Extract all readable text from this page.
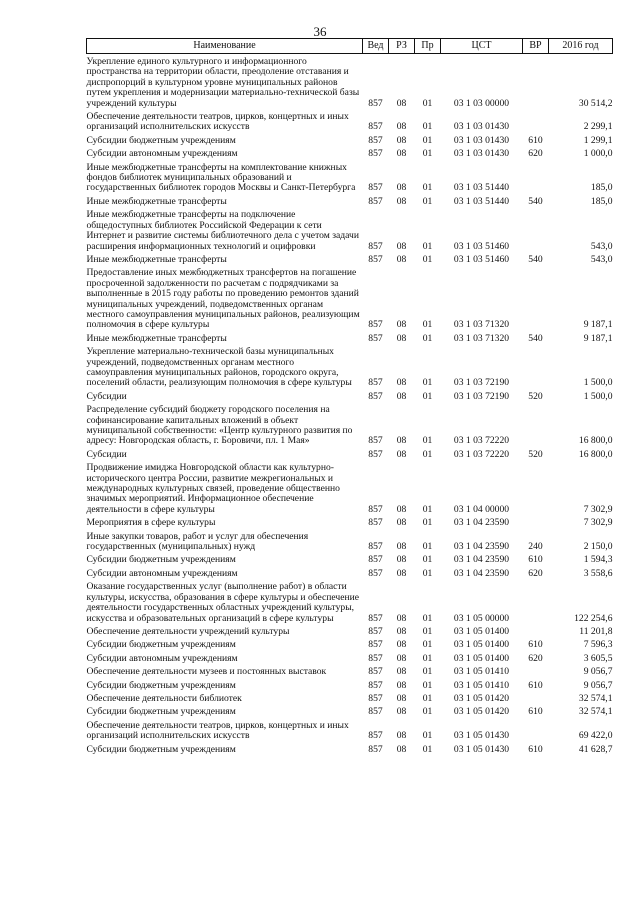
36
Наименование	Вед	РЗ	Пр	ЦСТ	ВР	2016 год
Укрепление единого культурного и информационного пространства на территории области, преодоление отставания и диспропорций в культурном уровне муниципальных районов путем укрепления и модернизации материально-технической базы учреждений культуры	857	08	01	03 1 03 00000		30 514,2
Обеспечение деятельности театров, цирков, концертных и иных организаций исполнительских искусств	857	08	01	03 1 03 01430		2 299,1
Субсидии бюджетным учреждениям	857	08	01	03 1 03 01430	610	1 299,1
Субсидии автономным учреждениям	857	08	01	03 1 03 01430	620	1 000,0
Иные межбюджетные трансферты на комплектование книжных фондов библиотек муниципальных образований и государственных библиотек городов Москвы и Санкт-Петербурга	857	08	01	03 1 03 51440		185,0
Иные межбюджетные трансферты	857	08	01	03 1 03 51440	540	185,0
Иные межбюджетные трансферты на подключение общедоступных библиотек Российской Федерации к сети Интернет и развитие системы библиотечного дела с учетом задачи расширения информационных технологий и оцифровки	857	08	01	03 1 03 51460		543,0
Иные межбюджетные трансферты	857	08	01	03 1 03 51460	540	543,0
Предоставление иных межбюджетных трансфертов на погашение просроченной задолженности по расчетам с подрядчиками за выполненные в 2015 году работы по проведению ремонтов зданий муниципальных учреждений, подведомственных органам местного самоуправления муниципальных районов, реализующим полномочия в сфере культуры	857	08	01	03 1 03 71320		9 187,1
Иные межбюджетные трансферты	857	08	01	03 1 03 71320	540	9 187,1
Укрепление материально-технической базы муниципальных учреждений, подведомственных органам местного самоуправления муниципальных районов, городского округа, поселений области, реализующим полномочия в сфере культуры	857	08	01	03 1 03 72190		1 500,0
Субсидии	857	08	01	03 1 03 72190	520	1 500,0
Распределение субсидий бюджету городского поселения на софинансирование капитальных вложений в объект муниципальной собственности: «Центр культурного развития по адресу: Новгородская область, г. Боровичи, пл. 1 Мая»	857	08	01	03 1 03 72220		16 800,0
Субсидии	857	08	01	03 1 03 72220	520	16 800,0
Продвижение имиджа Новгородской области как культурно-исторического центра России, развитие межрегиональных и международных культурных связей, проведение общественно значимых мероприятий. Информационное обеспечение деятельности в сфере культуры	857	08	01	03 1 04 00000		7 302,9
Мероприятия в сфере культуры	857	08	01	03 1 04 23590		7 302,9
Иные закупки товаров, работ и услуг для обеспечения государственных (муниципальных) нужд	857	08	01	03 1 04 23590	240	2 150,0
Субсидии бюджетным учреждениям	857	08	01	03 1 04 23590	610	1 594,3
Субсидии автономным учреждениям	857	08	01	03 1 04 23590	620	3 558,6
Оказание государственных услуг (выполнение работ) в области культуры, искусства, образования в сфере культуры и обеспечение деятельности государственных областных учреждений культуры, искусства и образовательных организаций в сфере культуры	857	08	01	03 1 05 00000		122 254,6
Обеспечение деятельности учреждений культуры	857	08	01	03 1 05 01400		11 201,8
Субсидии бюджетным учреждениям	857	08	01	03 1 05 01400	610	7 596,3
Субсидии автономным учреждениям	857	08	01	03 1 05 01400	620	3 605,5
Обеспечение деятельности музеев и постоянных выставок	857	08	01	03 1 05 01410		9 056,7
Субсидии бюджетным учреждениям	857	08	01	03 1 05 01410	610	9 056,7
Обеспечение деятельности библиотек	857	08	01	03 1 05 01420		32 574,1
Субсидии бюджетным учреждениям	857	08	01	03 1 05 01420	610	32 574,1
Обеспечение деятельности театров, цирков, концертных и иных организаций исполнительских искусств	857	08	01	03 1 05 01430		69 422,0
Субсидии бюджетным учреждениям	857	08	01	03 1 05 01430	610	41 628,7
